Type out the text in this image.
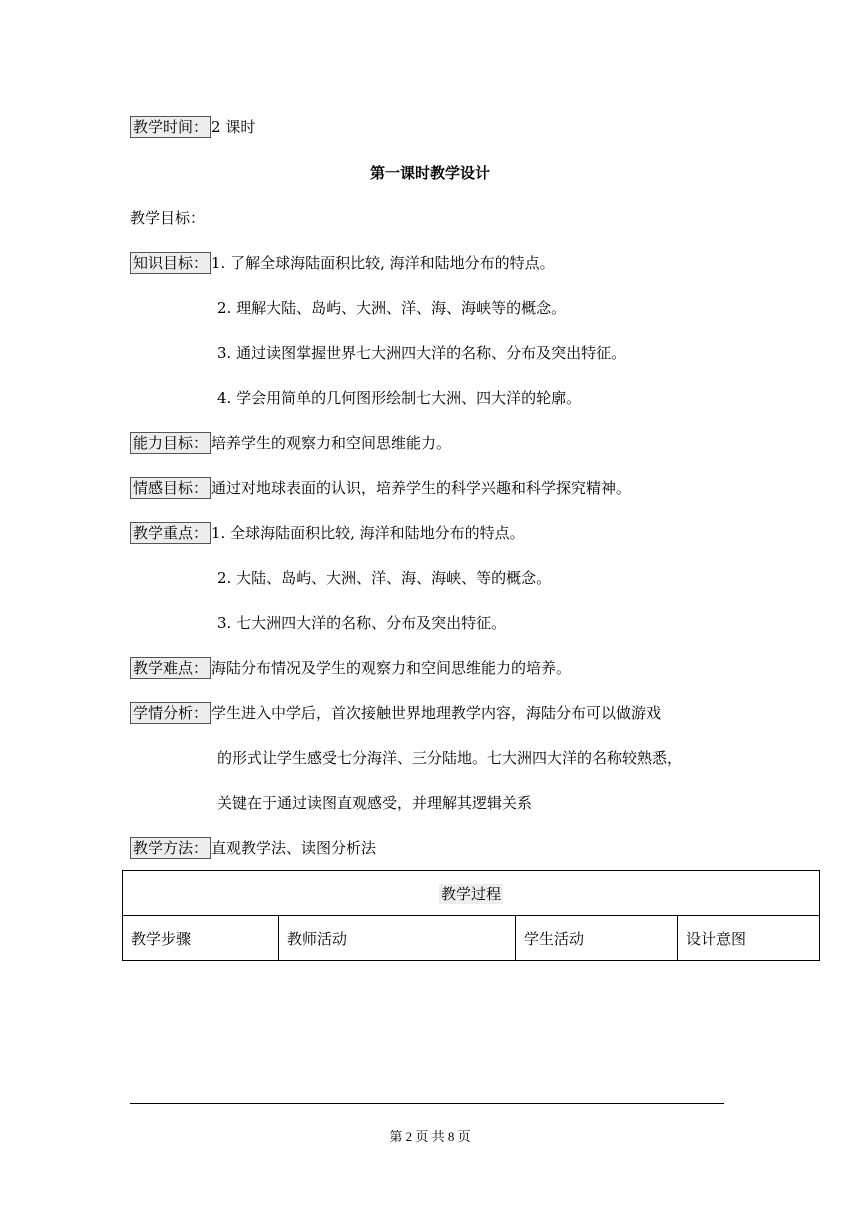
教学时间： 2 课时
第一课时教学设计
教学目标：
知识目标： 1. 了解全球海陆面积比较, 海洋和陆地分布的特点。
2. 理解大陆、岛屿、大洲、洋、海、海峡等的概念。
3. 通过读图掌握世界七大洲四大洋的名称、分布及突出特征。
4. 学会用简单的几何图形绘制七大洲、四大洋的轮廓。
能力目标： 培养学生的观察力和空间思维能力。
情感目标： 通过对地球表面的认识，培养学生的科学兴趣和科学探究精神。
教学重点： 1. 全球海陆面积比较, 海洋和陆地分布的特点。
2. 大陆、岛屿、大洲、洋、海、海峡、等的概念。
3. 七大洲四大洋的名称、分布及突出特征。
教学难点： 海陆分布情况及学生的观察力和空间思维能力的培养。
学情分析： 学生进入中学后，首次接触世界地理教学内容，海陆分布可以做游戏
的形式让学生感受七分海洋、三分陆地。七大洲四大洋的名称较熟悉，
关键在于通过读图直观感受，并理解其逻辑关系
教学方法： 直观教学法、读图分析法
教学过程
教学步骤	教师活动	学生活动	设计意图
第 2 页 共 8 页
